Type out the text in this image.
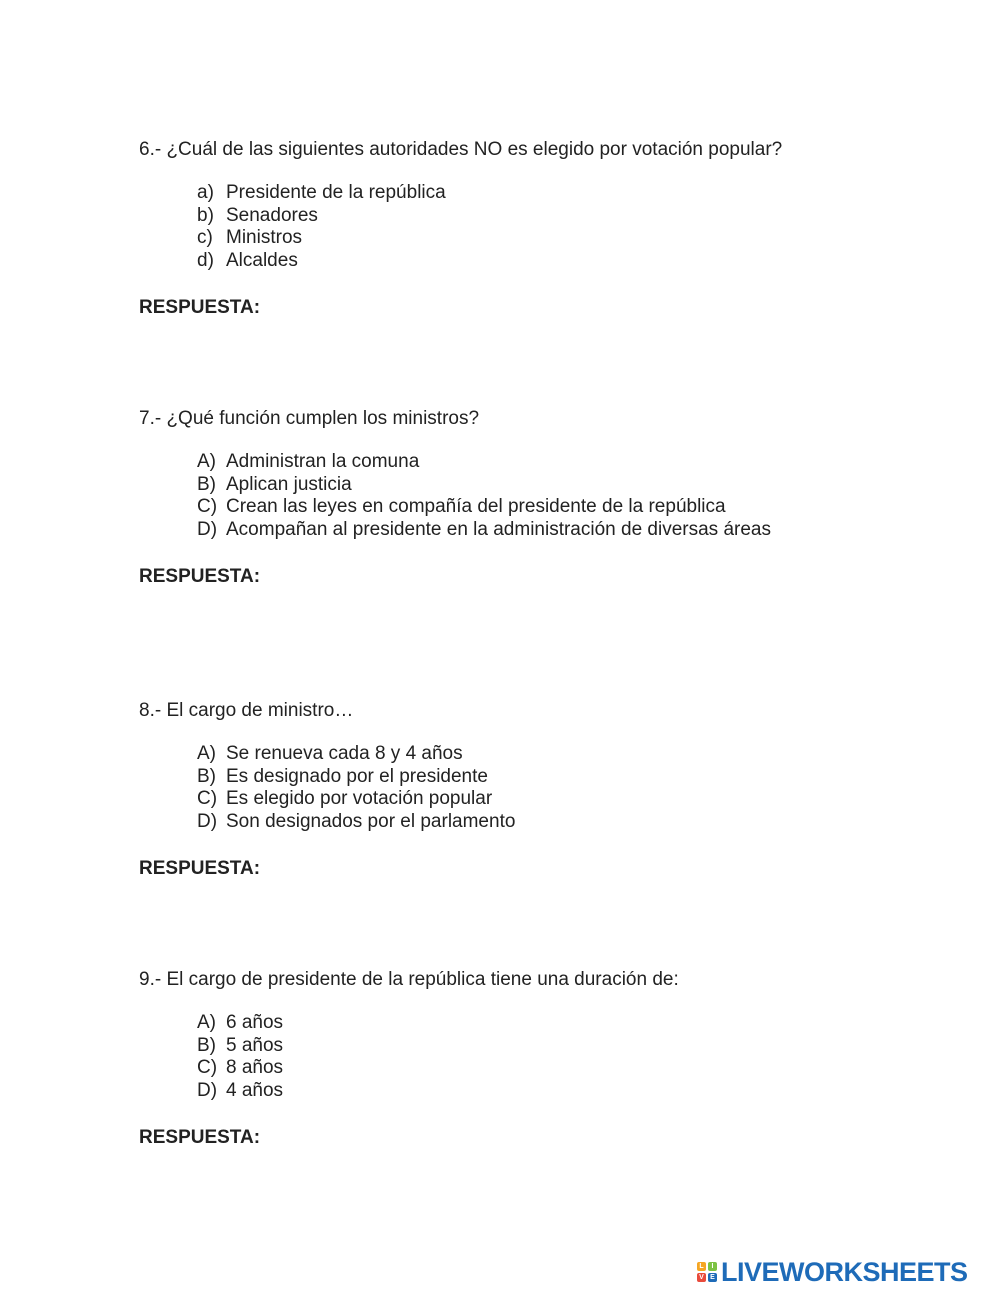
6.- ¿Cuál de las siguientes autoridades NO es elegido por votación popular?

a) Presidente de la república
b) Senadores
c) Ministros
d) Alcaldes
RESPUESTA:

7.- ¿Qué función cumplen los ministros?

A) Administran la comuna
B) Aplican justicia
C) Crean las leyes en compañía del presidente de la república
D) Acompañan al presidente en la administración de diversas áreas
RESPUESTA:

8.- El cargo de ministro…

A) Se renueva cada 8 y 4 años
B) Es designado por el presidente
C) Es elegido por votación popular
D) Son designados por el parlamento
RESPUESTA:

9.- El cargo de presidente de la república tiene una duración de:

A) 6 años
B) 5 años
C) 8 años
D) 4 años
RESPUESTA:
L	I
V E LIVEWORKSHEETS
